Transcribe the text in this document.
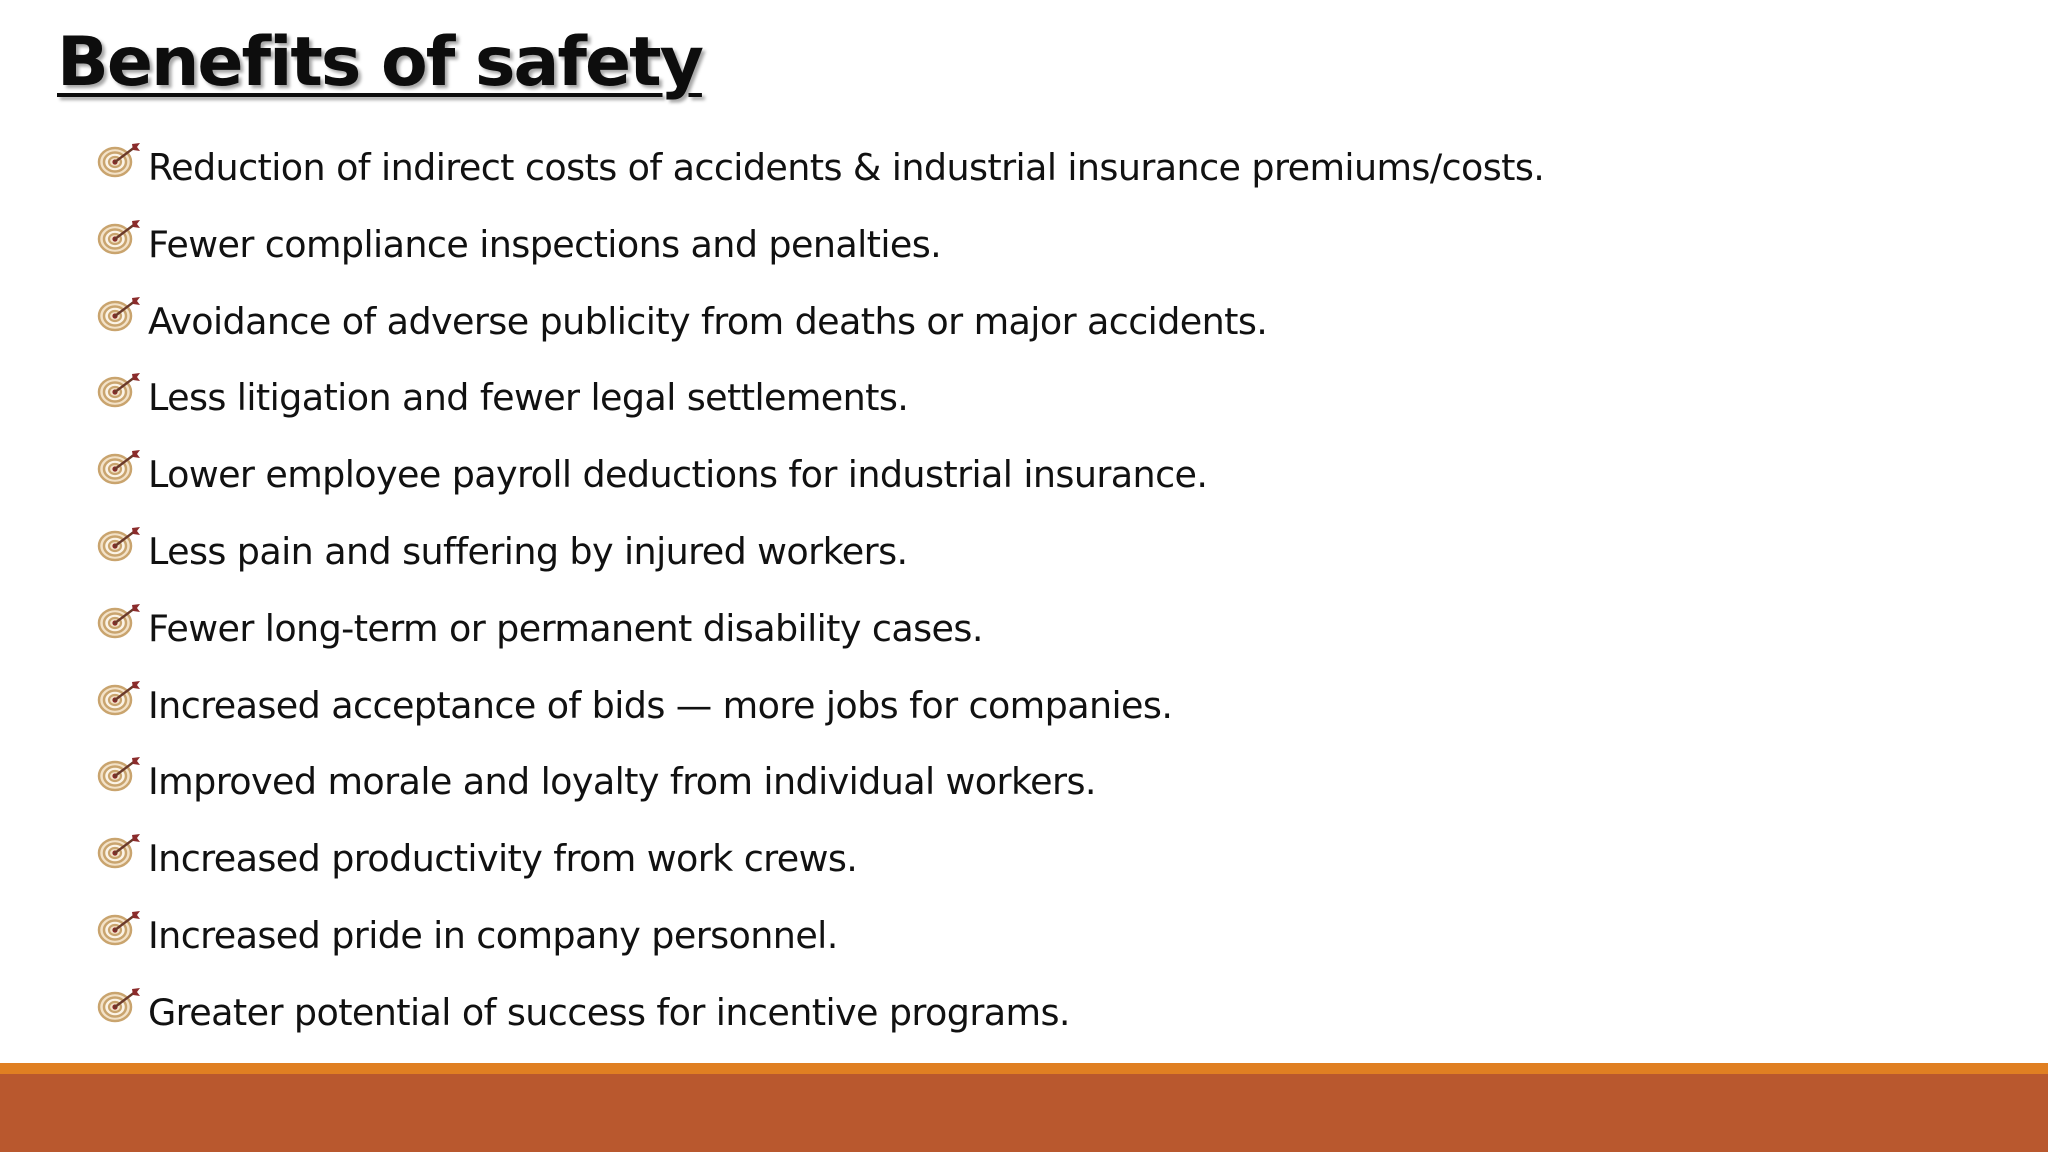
Benefits of safety
Reduction of indirect costs of accidents & industrial insurance premiums/costs.
Fewer compliance inspections and penalties.
Avoidance of adverse publicity from deaths or major accidents.
Less litigation and fewer legal settlements.
Lower employee payroll deductions for industrial insurance.
Less pain and suffering by injured workers.
Fewer long-term or permanent disability cases.
Increased acceptance of bids — more jobs for companies.
Improved morale and loyalty from individual workers.
Increased productivity from work crews.
Increased pride in company personnel.
Greater potential of success for incentive programs.
